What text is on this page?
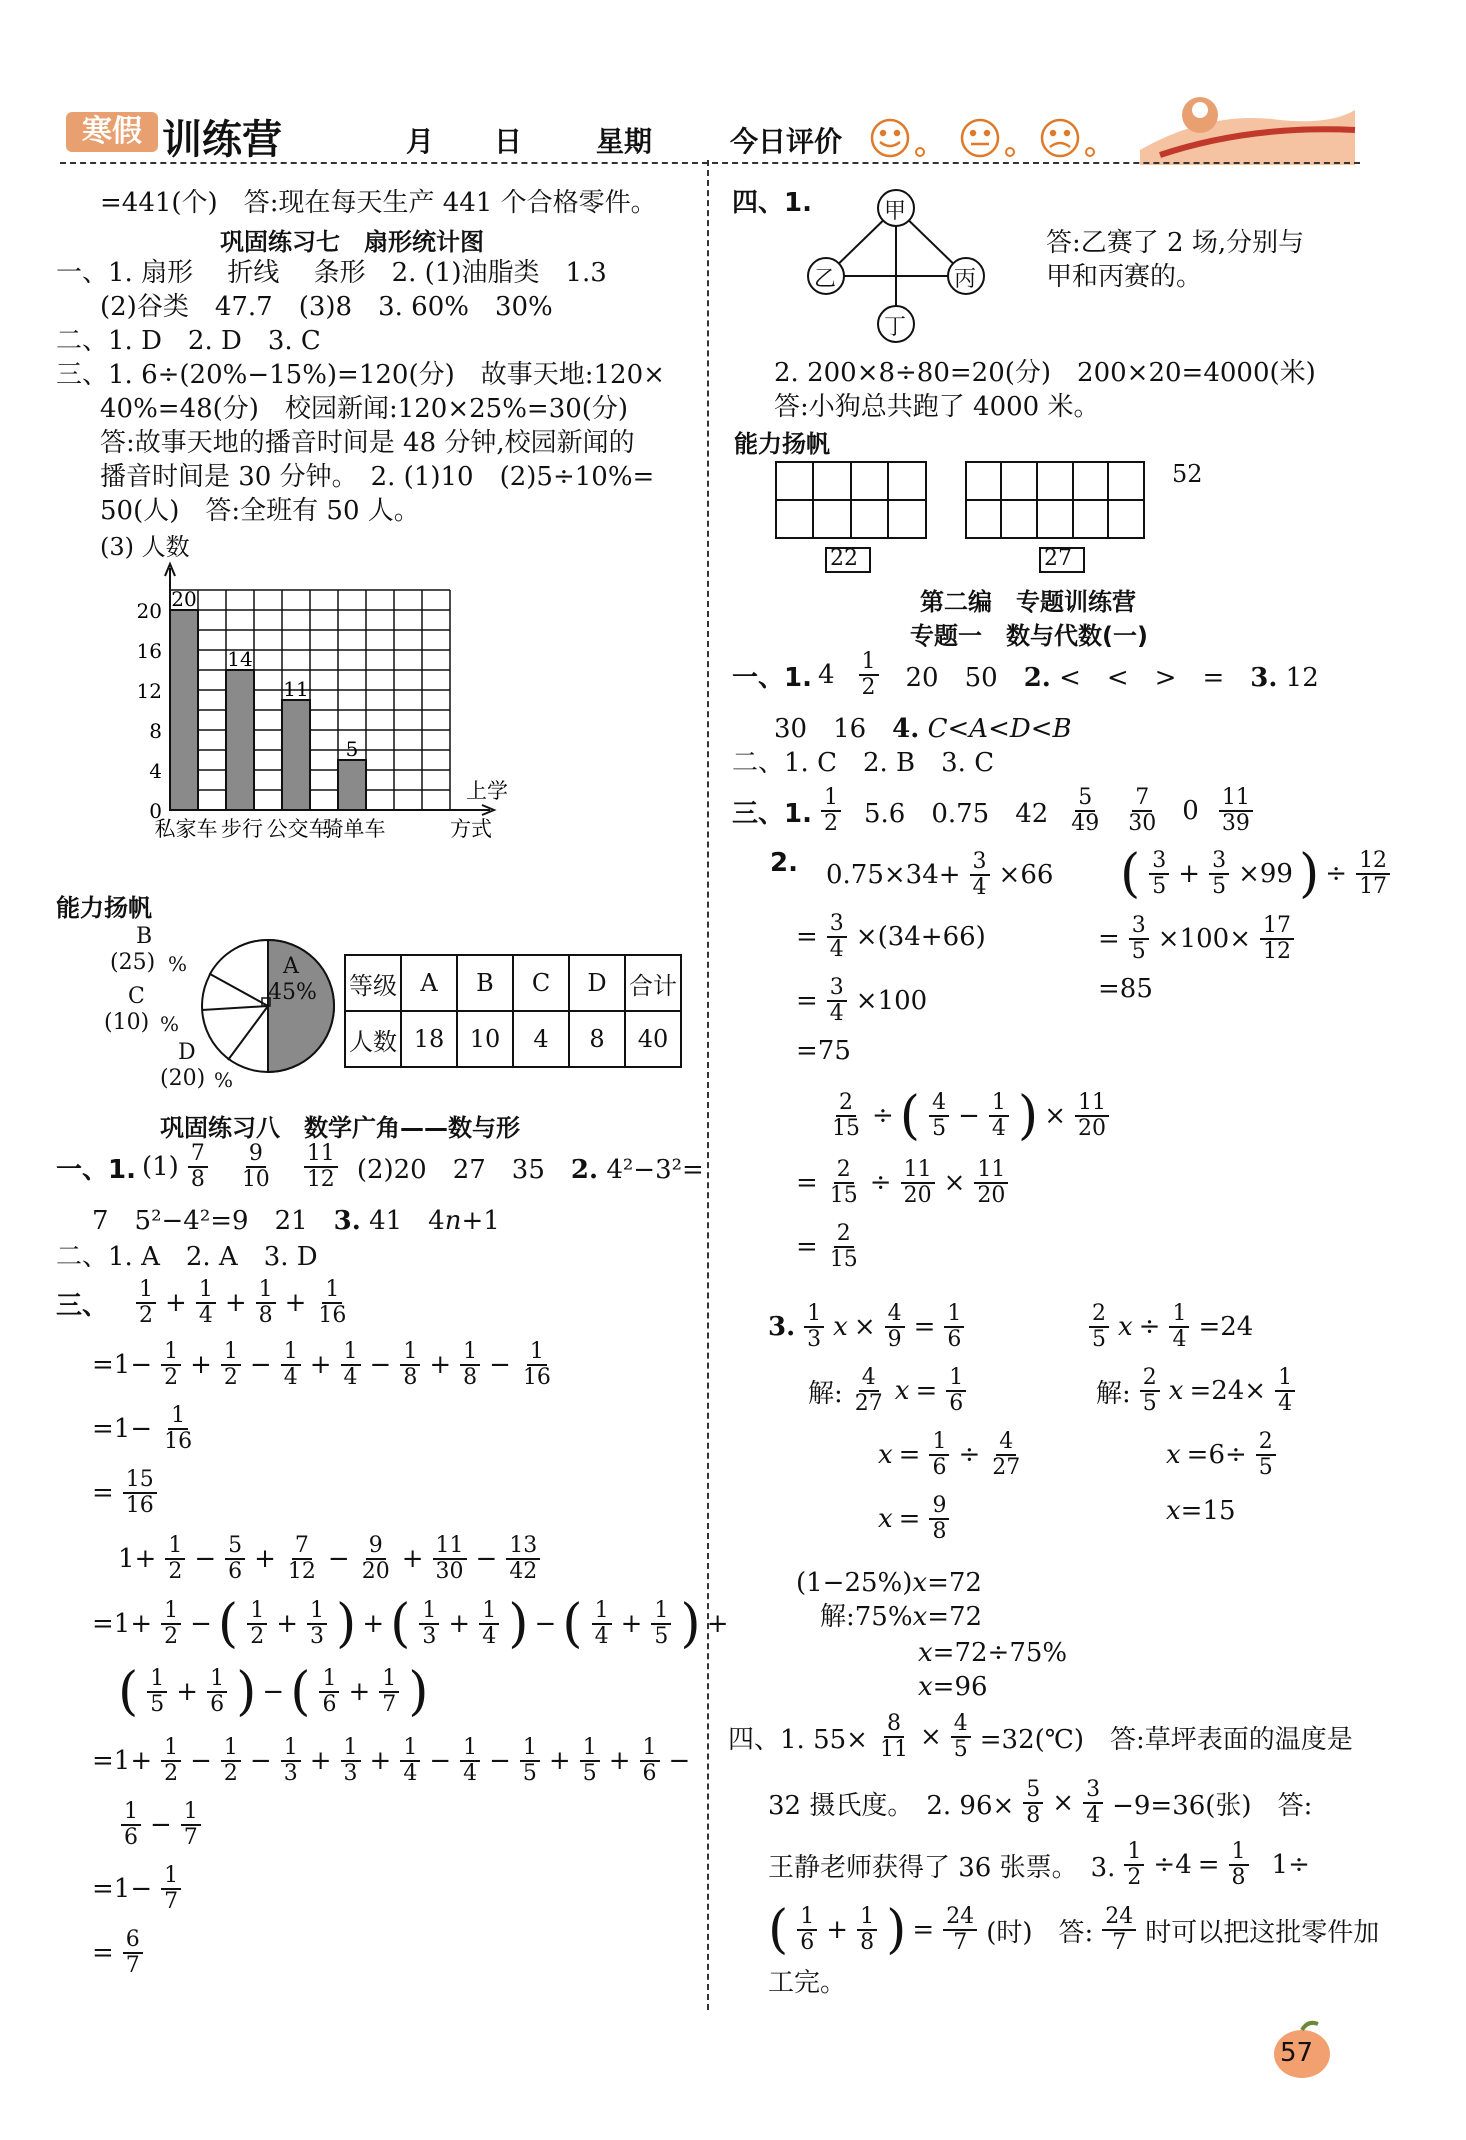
寒假 训练营	月 日	星期	今日评价
=441(个)　答:现在每天生产 441 个合格零件。
巩固练习七　扇形统计图
一、1. 扇形　 折线　 条形　2. (1)油脂类　1.3
(2)谷类　47.7　(3)8　3. 60%　30%
二、1. D　2. D　3. C
三、1. 6÷(20%−15%)=120(分)　故事天地:120×
40%=48(分)　校园新闻:120×25%=30(分)
答:故事天地的播音时间是 48 分钟,校园新闻的
播音时间是 30 分钟。　2. (1)10　(2)5÷10%=
50(人)　答:全班有 50 人。
(3) 人数
0
4
8
12
16
20 20
14
11
5
私家车 步行 公交车
骑单车
上学
方式
能力扬帆
A
45%
B
(25) %
C
(10) %
D
(20) %
等级	A	B	C	D	合计
人数	18	10	4	8	40
巩固练习八　数学广角——数与形
一、1. $(1) \frac{7}{8} \frac{9}{10} \frac{11}{12} (2)20$　27　35　2. 4²−3²=
7　5²−4²=9　21　3. 41　4n+1
二、1. A　2. A　3. D
三、 $\frac{1}{2} + \frac{1}{4} + \frac{1}{8} + \frac{1}{16}$
$=1- \frac{1}{2} + \frac{1}{2} - \frac{1}{4} + \frac{1}{4} - \frac{1}{8} + \frac{1}{8} - \frac{1}{16}$
$=1- \frac{1}{16}$
= $\frac{15}{16}$
$1+ \frac{1}{2} - \frac{5}{6} + \frac{7}{12} - \frac{9}{20} + \frac{11}{30} - \frac{13}{42}$
$=1+ \frac{1}{2}$ − ( $\frac{1}{2} + \frac{1}{3}$ ) + ( $\frac{1}{3} + \frac{1}{4}$ ) − ( $\frac{1}{4} + \frac{1}{5}$ ) +
( $\frac{1}{5} + \frac{1}{6}$ ) − ( $\frac{1}{6} + \frac{1}{7}$ )
$=1+ \frac{1}{2} - \frac{1}{2} - \frac{1}{3} + \frac{1}{3} + \frac{1}{4} - \frac{1}{4} - \frac{1}{5} + \frac{1}{5} + \frac{1}{6}$ −
$\frac{1}{6} - \frac{1}{7}$
$=1- \frac{1}{7}$
= $\frac{6}{7}$
四、1.	甲
乙	丙
丁
答:乙赛了 2 场,分别与
甲和丙赛的。
2. 200×8÷80=20(分)　200×20=4000(米)
答:小狗总共跑了 4000 米。
能力扬帆
22	27
52
第二编　专题训练营
专题一　数与代数(一)
一、1. $4 \frac{1}{2} 20$　50　2. <　<　>　=　3. 12
30　16　4. C<A<D<B
二、1. C　2. B　3. C
三、1. $\frac{1}{2} 5.6$　0.75　$42 \frac{5}{49} \frac{7}{30} 0 \frac{11}{39}$
2. $0.75\times 34+ \frac{3}{4} \times 66$
= $\frac{3}{4} \times(34+66)$
= $\frac{3}{4} \times 100$
=75
( $\frac{3}{5} + \frac{3}{5} \times 99$ ) ÷ $\frac{12}{17}$
= $\frac{3}{5} \times 100\times \frac{17}{12}$
=85
$\frac{2}{15}$ ÷ ( $\frac{4}{5} - \frac{1}{4}$ ) × $\frac{11}{20}$
= $\frac{2}{15} \div \frac{11}{20} \times \frac{11}{20}$
= $\frac{2}{15}$
3. $\frac{1}{3}$ $x \times \frac{4}{9} = \frac{1}{6}$
解: $\frac{4}{27}$ $x = \frac{1}{6}$
$x = \frac{1}{6} \div \frac{4}{27}$
$x = \frac{9}{8}$
$\frac{2}{5}$ $x \div \frac{1}{4} =24$
解: $\frac{2}{5}$ $x =24\times \frac{1}{4}$
$x =6\div \frac{2}{5}$
x=15
(1−25%)x=72
解:75%x=72
x=72÷75%
x=96
四、1. $55\times \frac{8}{11} \times \frac{4}{5}$ =32(℃)　答:草坪表面的温度是
32 摄氏度。　2. $96\times \frac{5}{8} \times \frac{3}{4} -9=36$(张)　答:
王静老师获得了 36 张票。　3. $\frac{1}{2} \div 4 = \frac{1}{8} 1\div$
( $\frac{1}{6} + \frac{1}{8}$ ) = $\frac{24}{7}$ (时)　答: $\frac{24}{7}$ 时可以把这批零件加
工完。
57
